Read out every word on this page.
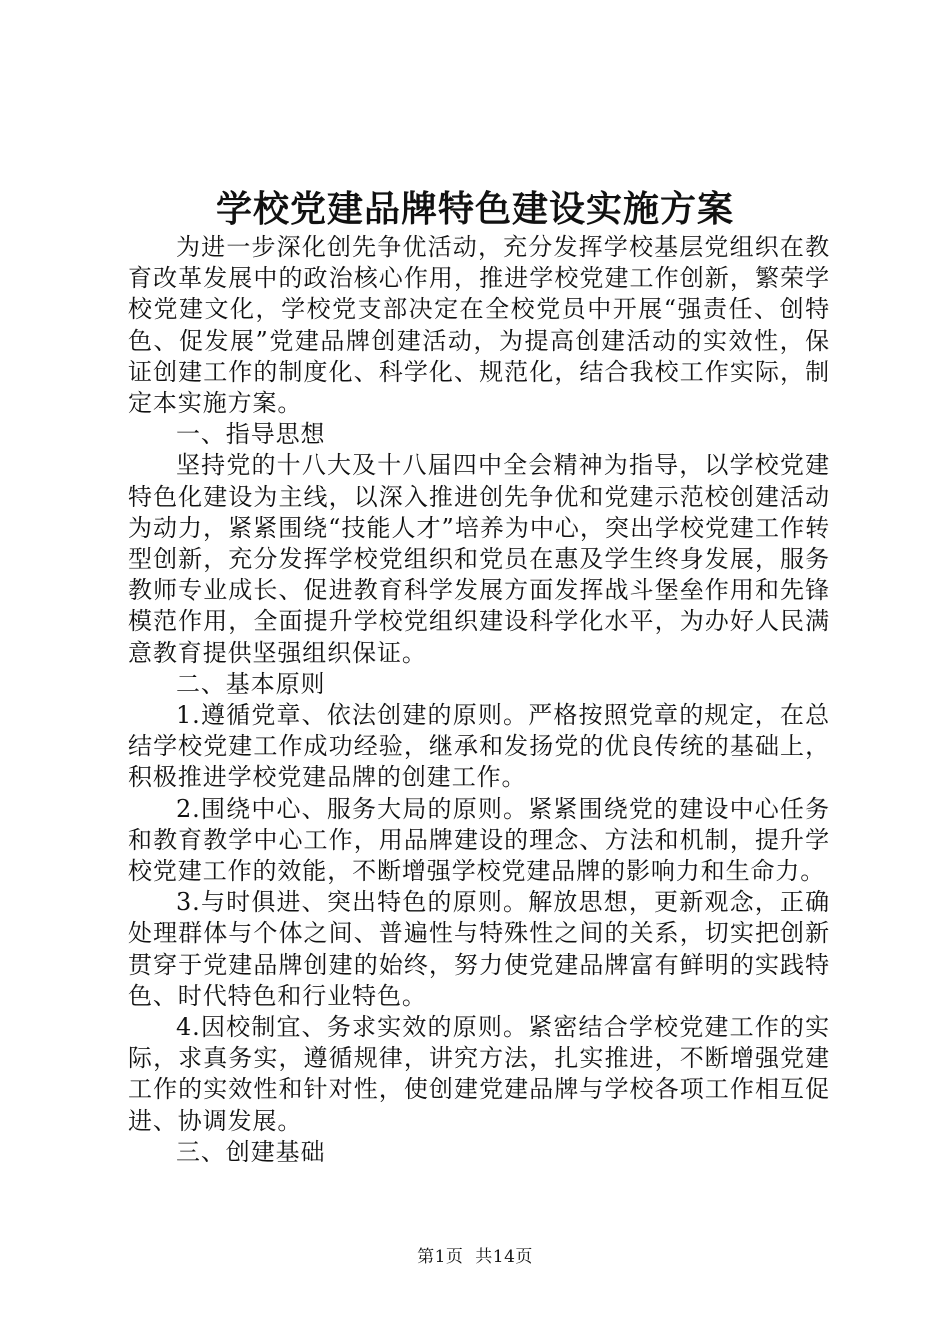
学校党建品牌特色建设实施方案

为进一步深化创先争优活动，充分发挥学校基层党组织在教育改革发展中的政治核心作用，推进学校党建工作创新，繁荣学校党建文化，学校党支部决定在全校党员中开展“强责任、创特色、促发展”党建品牌创建活动，为提高创建活动的实效性，保证创建工作的制度化、科学化、规范化，结合我校工作实际，制定本实施方案。

一、指导思想

坚持党的十八大及十八届四中全会精神为指导，以学校党建特色化建设为主线，以深入推进创先争优和党建示范校创建活动为动力，紧紧围绕“技能人才”培养为中心，突出学校党建工作转型创新，充分发挥学校党组织和党员在惠及学生终身发展，服务教师专业成长、促进教育科学发展方面发挥战斗堡垒作用和先锋模范作用，全面提升学校党组织建设科学化水平，为办好人民满意教育提供坚强组织保证。

二、基本原则

1.遵循党章、依法创建的原则。严格按照党章的规定，在总结学校党建工作成功经验，继承和发扬党的优良传统的基础上，积极推进学校党建品牌的创建工作。

2.围绕中心、服务大局的原则。紧紧围绕党的建设中心任务和教育教学中心工作，用品牌建设的理念、方法和机制，提升学校党建工作的效能，不断增强学校党建品牌的影响力和生命力。

3.与时俱进、突出特色的原则。解放思想，更新观念，正确处理群体与个体之间、普遍性与特殊性之间的关系，切实把创新贯穿于党建品牌创建的始终，努力使党建品牌富有鲜明的实践特色、时代特色和行业特色。

4.因校制宜、务求实效的原则。紧密结合学校党建工作的实际，求真务实，遵循规律，讲究方法，扎实推进，不断增强党建工作的实效性和针对性，使创建党建品牌与学校各项工作相互促进、协调发展。

三、创建基础

第1页 共14页
